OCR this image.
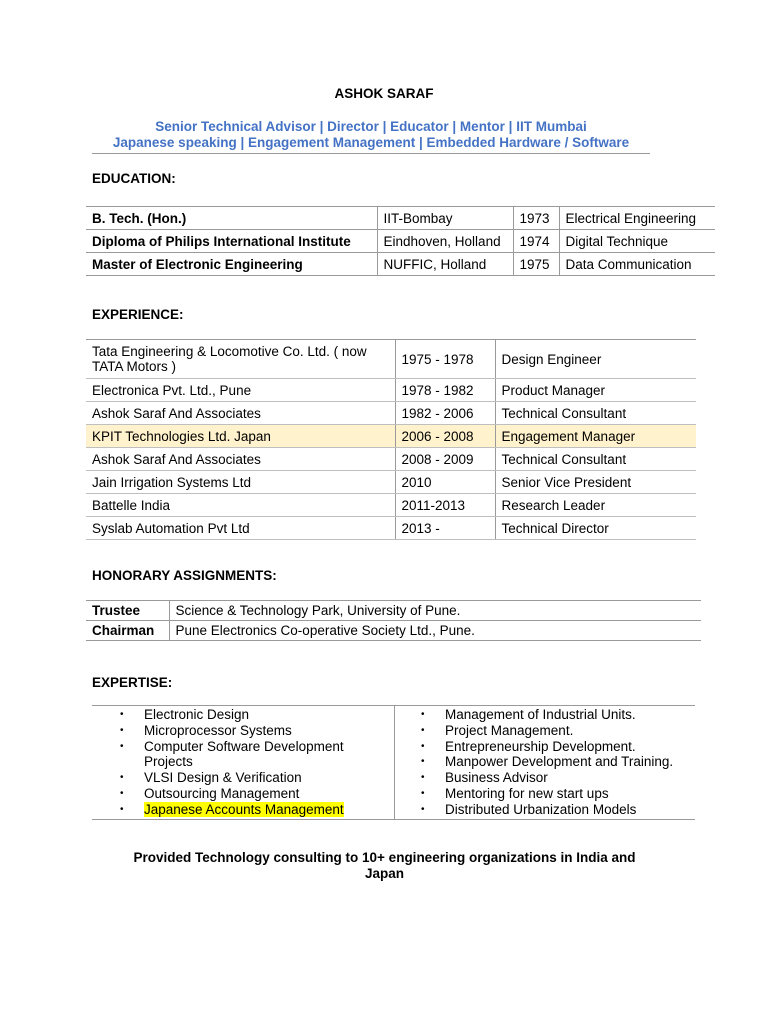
ASHOK SARAF
Senior Technical Advisor | Director | Educator | Mentor | IIT Mumbai
Japanese speaking | Engagement Management | Embedded Hardware / Software
EDUCATION:
B. Tech. (Hon.)	IIT-Bombay	1973	Electrical Engineering
Diploma of Philips International Institute	Eindhoven, Holland	1974	Digital Technique
Master of Electronic Engineering	NUFFIC, Holland	1975	Data Communication
EXPERIENCE:
Tata Engineering & Locomotive Co. Ltd. ( now TATA Motors )	1975 - 1978	Design Engineer
Electronica Pvt. Ltd., Pune	1978 - 1982	Product Manager
Ashok Saraf And Associates	1982 - 2006	Technical Consultant
KPIT Technologies Ltd. Japan	2006 - 2008	Engagement Manager
Ashok Saraf And Associates	2008 - 2009	Technical Consultant
Jain Irrigation Systems Ltd	2010	Senior Vice President
Battelle India	2011-2013	Research Leader
Syslab Automation Pvt Ltd	2013 -	Technical Director
HONORARY ASSIGNMENTS:
Trustee	Science & Technology Park, University of Pune.
Chairman	Pune Electronics Co-operative Society Ltd., Pune.
EXPERTISE:
• Electronic Design
• Microprocessor Systems
• Computer Software Development Projects
• VLSI Design & Verification
• Outsourcing Management
• Japanese Accounts Management
• Management of Industrial Units.
• Project Management.
• Entrepreneurship Development.
• Manpower Development and Training.
• Business Advisor
• Mentoring for new start ups
• Distributed Urbanization Models
Provided Technology consulting to 10+ engineering organizations in India and
Japan
